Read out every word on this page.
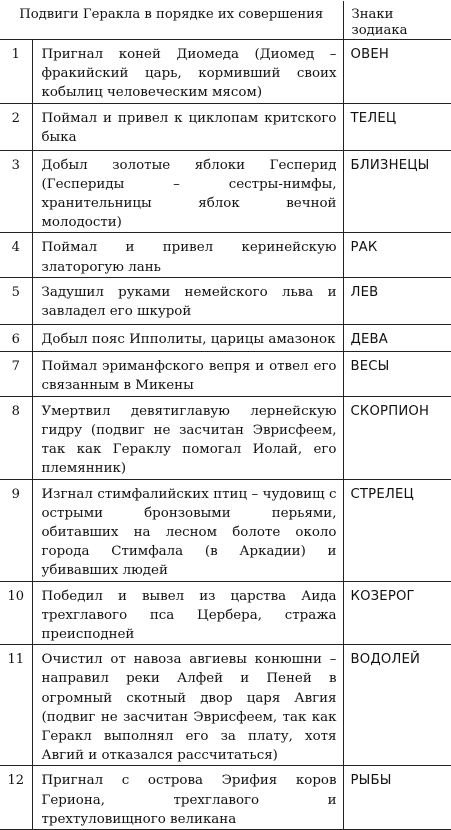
Подвиги Геракла в порядке их совершения		Знаки зодиака
1	Пригнал коней Диомеда (Диомед – фракийский царь, кормивший своих кобылиц человеческим мясом)	ОВЕН
2	Поймал и привел к циклопам критского быка	ТЕЛЕЦ
3	Добыл золотые яблоки Гесперид (Геспериды – сестры-нимфы, хранительницы яблок вечной молодости)	БЛИЗНЕЦЫ
4	Поймал и привел керинейскую златорогую лань	РАК
5	Задушил руками немейского льва и завладел его шкурой	ЛЕВ
6	Добыл пояс Ипполиты, царицы амазонок	ДЕВА
7	Поймал эриманфского вепря и отвел его связанным в Микены	ВЕСЫ
8	Умертвил девятиглавую лернейскую гидру (подвиг не засчитан Эврисфеем, так как Гераклу помогал Иолай, его племянник)	СКОРПИОН
9	Изгнал стимфалийских птиц – чудовищ с острыми бронзовыми перьями, обитавших на лесном болоте около города Стимфала (в Аркадии) и убивавших людей	СТРЕЛЕЦ
10	Победил и вывел из царства Аида трехглавого пса Цербера, стража преисподней	КОЗЕРОГ
11	Очистил от навоза авгиевы конюшни – направил реки Алфей и Пеней в огромный скотный двор царя Авгия (подвиг не засчитан Эврисфеем, так как Геракл выполнял его за плату, хотя Авгий и отказался рассчитаться)	ВОДОЛЕЙ
12	Пригнал с острова Эрифия коров Гериона, трехглавого и трехтуловищного великана	РЫБЫ
